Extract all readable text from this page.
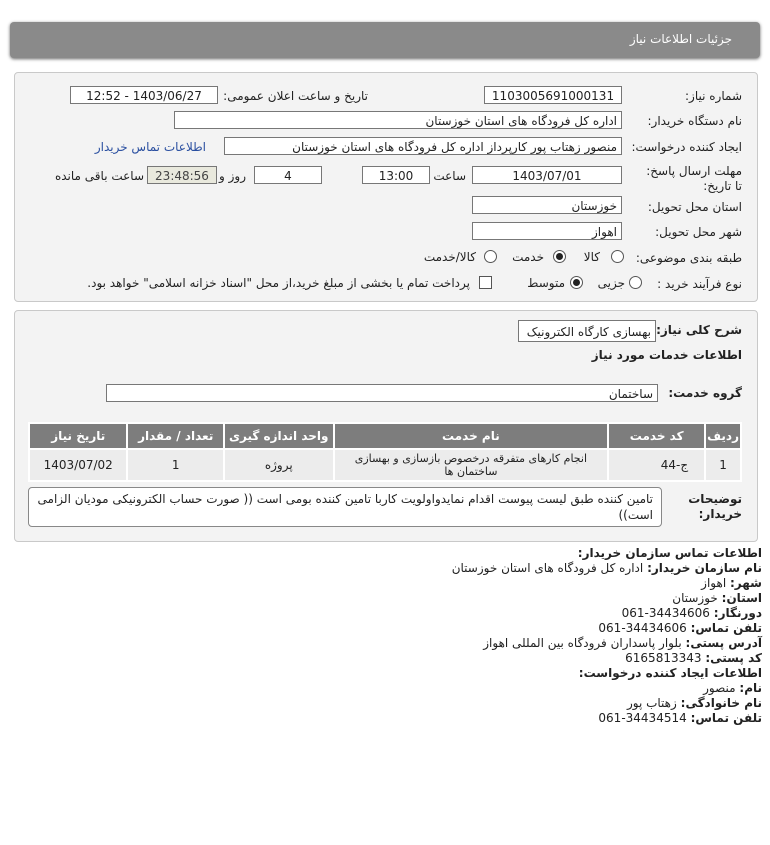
جزئیات اطلاعات نیاز
شماره نیاز:
1103005691000131
تاریخ و ساعت اعلان عمومی:
1403/06/27 - 12:52
نام دستگاه خریدار:
اداره کل فرودگاه های استان خوزستان
ایجاد کننده درخواست:
منصور زهتاب پور کارپرداز اداره کل فرودگاه های استان خوزستان
اطلاعات تماس خریدار
مهلت ارسال پاسخ: تا تاریخ:
1403/07/01
ساعت
13:00
4
روز و
23:48:56
ساعت باقی مانده
استان محل تحویل:
خوزستان
شهر محل تحویل:
اهواز
طبقه بندی موضوعی:
کالا
خدمت
کالا/خدمت
نوع فرآیند خرید :
جزیی
متوسط
پرداخت تمام یا بخشی از مبلغ خرید،از محل "اسناد خزانه اسلامی" خواهد بود.
شرح کلی نیاز:
بهسازی کارگاه الکترونیک
اطلاعات خدمات مورد نیاز
گروه خدمت:
ساختمان
ردیف	کد خدمت	نام خدمت	واحد اندازه گیری	تعداد / مقدار	تاریخ نیاز
1	ج-44	انجام کارهای متفرقه درخصوص بازسازی و بهسازی ساختمان ها	پروژه	1	1403/07/02
توضیحات خریدار:
تامین کننده طبق لیست پیوست اقدام نمایدواولویت کاربا تامین کننده بومی است (( صورت حساب الکترونیکی مودیان الزامی است))
اطلاعات تماس سازمان خریدار:
نام سازمان خریدار: اداره کل فرودگاه های استان خوزستان
شهر: اهواز
استان: خوزستان
دورنگار: 34434606-061
تلفن تماس: 34434606-061
آدرس پستی: بلوار پاسداران فرودگاه بین المللی اهواز
کد پستی: 6165813343
اطلاعات ایجاد کننده درخواست:
نام: منصور
نام خانوادگی: زهتاب پور
تلفن تماس: 34434514-061
